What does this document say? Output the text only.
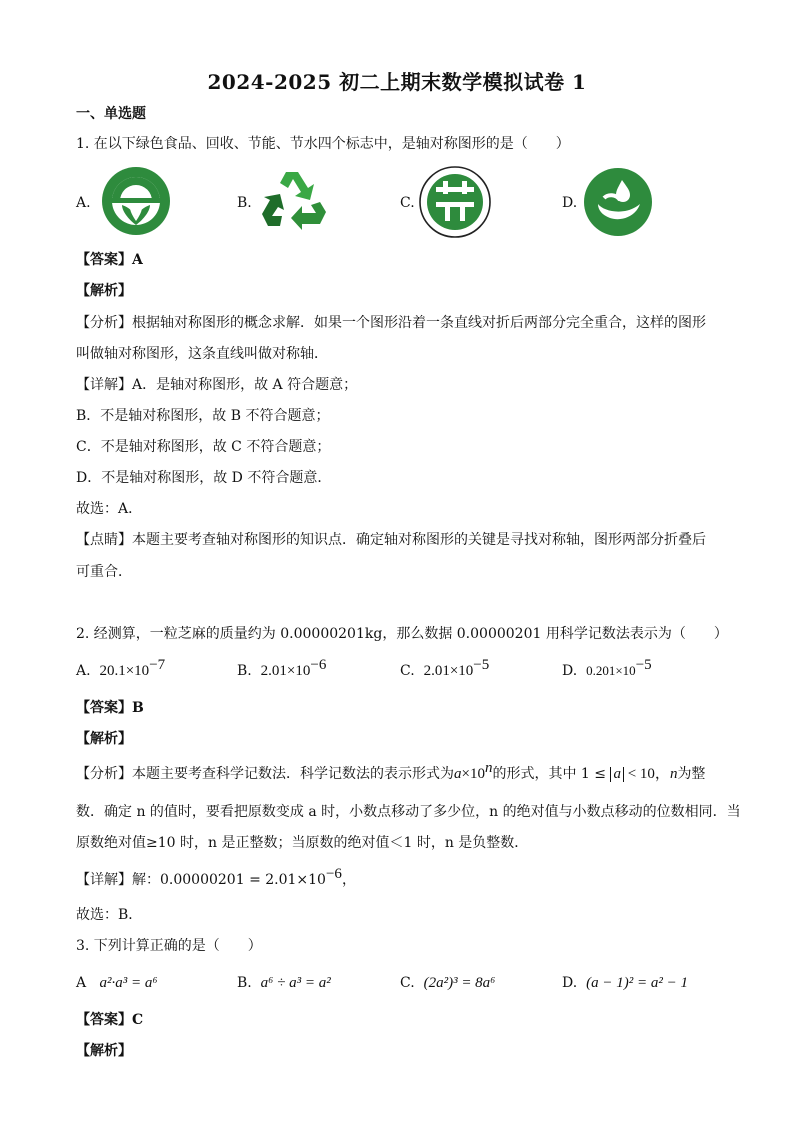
2024-2025 初二上期末数学模拟试卷 1
一、单选题
1. 在以下绿色食品、回收、节能、节水四个标志中，是轴对称图形的是（　　）
A.	B.	C.	D.
【答案】A
【解析】
【分析】根据轴对称图形的概念求解．如果一个图形沿着一条直线对折后两部分完全重合，这样的图形
叫做轴对称图形，这条直线叫做对称轴．
【详解】A．是轴对称图形，故 A 符合题意；
B．不是轴对称图形，故 B 不符合题意；
C．不是轴对称图形，故 C 不符合题意；
D．不是轴对称图形，故 D 不符合题意．
故选：A．
【点睛】本题主要考查轴对称图形的知识点．确定轴对称图形的关键是寻找对称轴，图形两部分折叠后
可重合．
2. 经测算，一粒芝麻的质量约为 0.00000201kg，那么数据 0.00000201 用科学记数法表示为（　　）
A. $20.1\times 10^{-7}$	B. $2.01\times 10^{-6}$	C. $2.01\times 10^{-5}$	D. $0.201\times 10^{-5}$
【答案】B
【解析】
【分析】本题主要考查科学记数法．科学记数法的表示形式为$a\times 10^n$的形式，其中 1 ≤ a < 10，n为整
数．确定 n 的值时，要看把原数变成 a 时，小数点移动了多少位，n 的绝对值与小数点移动的位数相同．当
原数绝对值≥10 时，n 是正整数；当原数的绝对值＜1 时，n 是负整数．
【详解】解：$0.00000201 = 2.01\times 10^{-6}$，
故选：B．
3. 下列计算正确的是（　　）
A a²·a³ = a⁶	B. a⁶ ÷ a³ = a²	C. (2a²)³ = 8a⁶	D. (a − 1)² = a² − 1
【答案】C
【解析】
